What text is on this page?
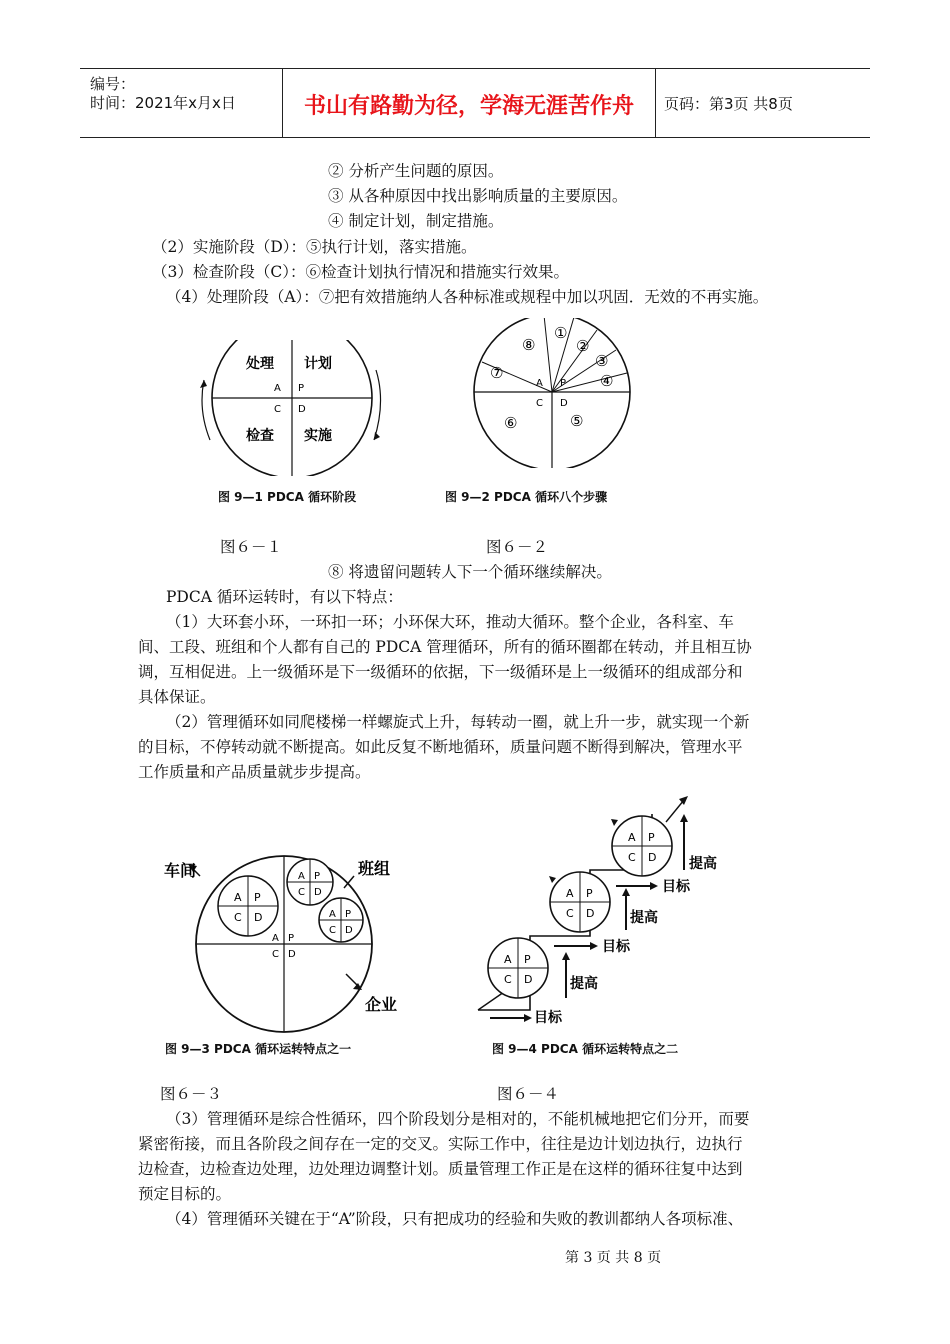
编号：
时间：2021年x月x日	书山有路勤为径，学海无涯苦作舟	页码：第3页 共8页
② 分析产生问题的原因。
③ 从各种原因中找出影响质量的主要原因。
④ 制定计划，制定措施。
（2）实施阶段（D）：⑤执行计划，落实措施。
（3）检查阶段（C）：⑥检查计划执行情况和措施实行效果。
（4）处理阶段（A）：⑦把有效措施纳人各种标准或规程中加以巩固．无效的不再实施。
处理 计划
检查 实施
A P
C D
图 9—1 PDCA 循环阶段
①
②
③
④
⑤
⑥
⑦
⑧
A P
C D
图 9—2 PDCA 循环八个步骤
图６－１	图６－２
⑧ 将遗留问题转人下一个循环继续解决。
PDCA 循环运转时，有以下特点：
（1）大环套小环，一环扣一环；小环保大环，推动大循环。整个企业，各科室、车
间、工段、班组和个人都有自己的 PDCA 管理循环，所有的循环圈都在转动，并且相互协
调，互相促进。上一级循环是下一级循环的依据，下一级循环是上一级循环的组成部分和
具体保证。
（2）管理循环如同爬楼梯一样螺旋式上升，每转动一圈，就上升一步，就实现一个新
的目标，不停转动就不断提高。如此反复不断地循环，质量问题不断得到解决，管理水平
工作质量和产品质量就步步提高。
车间	班组
企业
A P
C D
A P
C D
A P
C D
A P
C D
图 9—3 PDCA 循环运转特点之一
目标
目标
目标
提高
提高
提高
A P
C D
A P
C D
A P
C D
图 9—4 PDCA 循环运转特点之二
图６－３	图６－４
（3）管理循环是综合性循环，四个阶段划分是相对的，不能机械地把它们分开，而要
紧密衔接，而且各阶段之间存在一定的交叉。实际工作中，往往是边计划边执行，边执行
边检查，边检查边处理，边处理边调整计划。质量管理工作正是在这样的循环往复中达到
预定目标的。
（4）管理循环关键在于“A”阶段，只有把成功的经验和失败的教训都纳人各项标准、
第 3 页 共 8 页
